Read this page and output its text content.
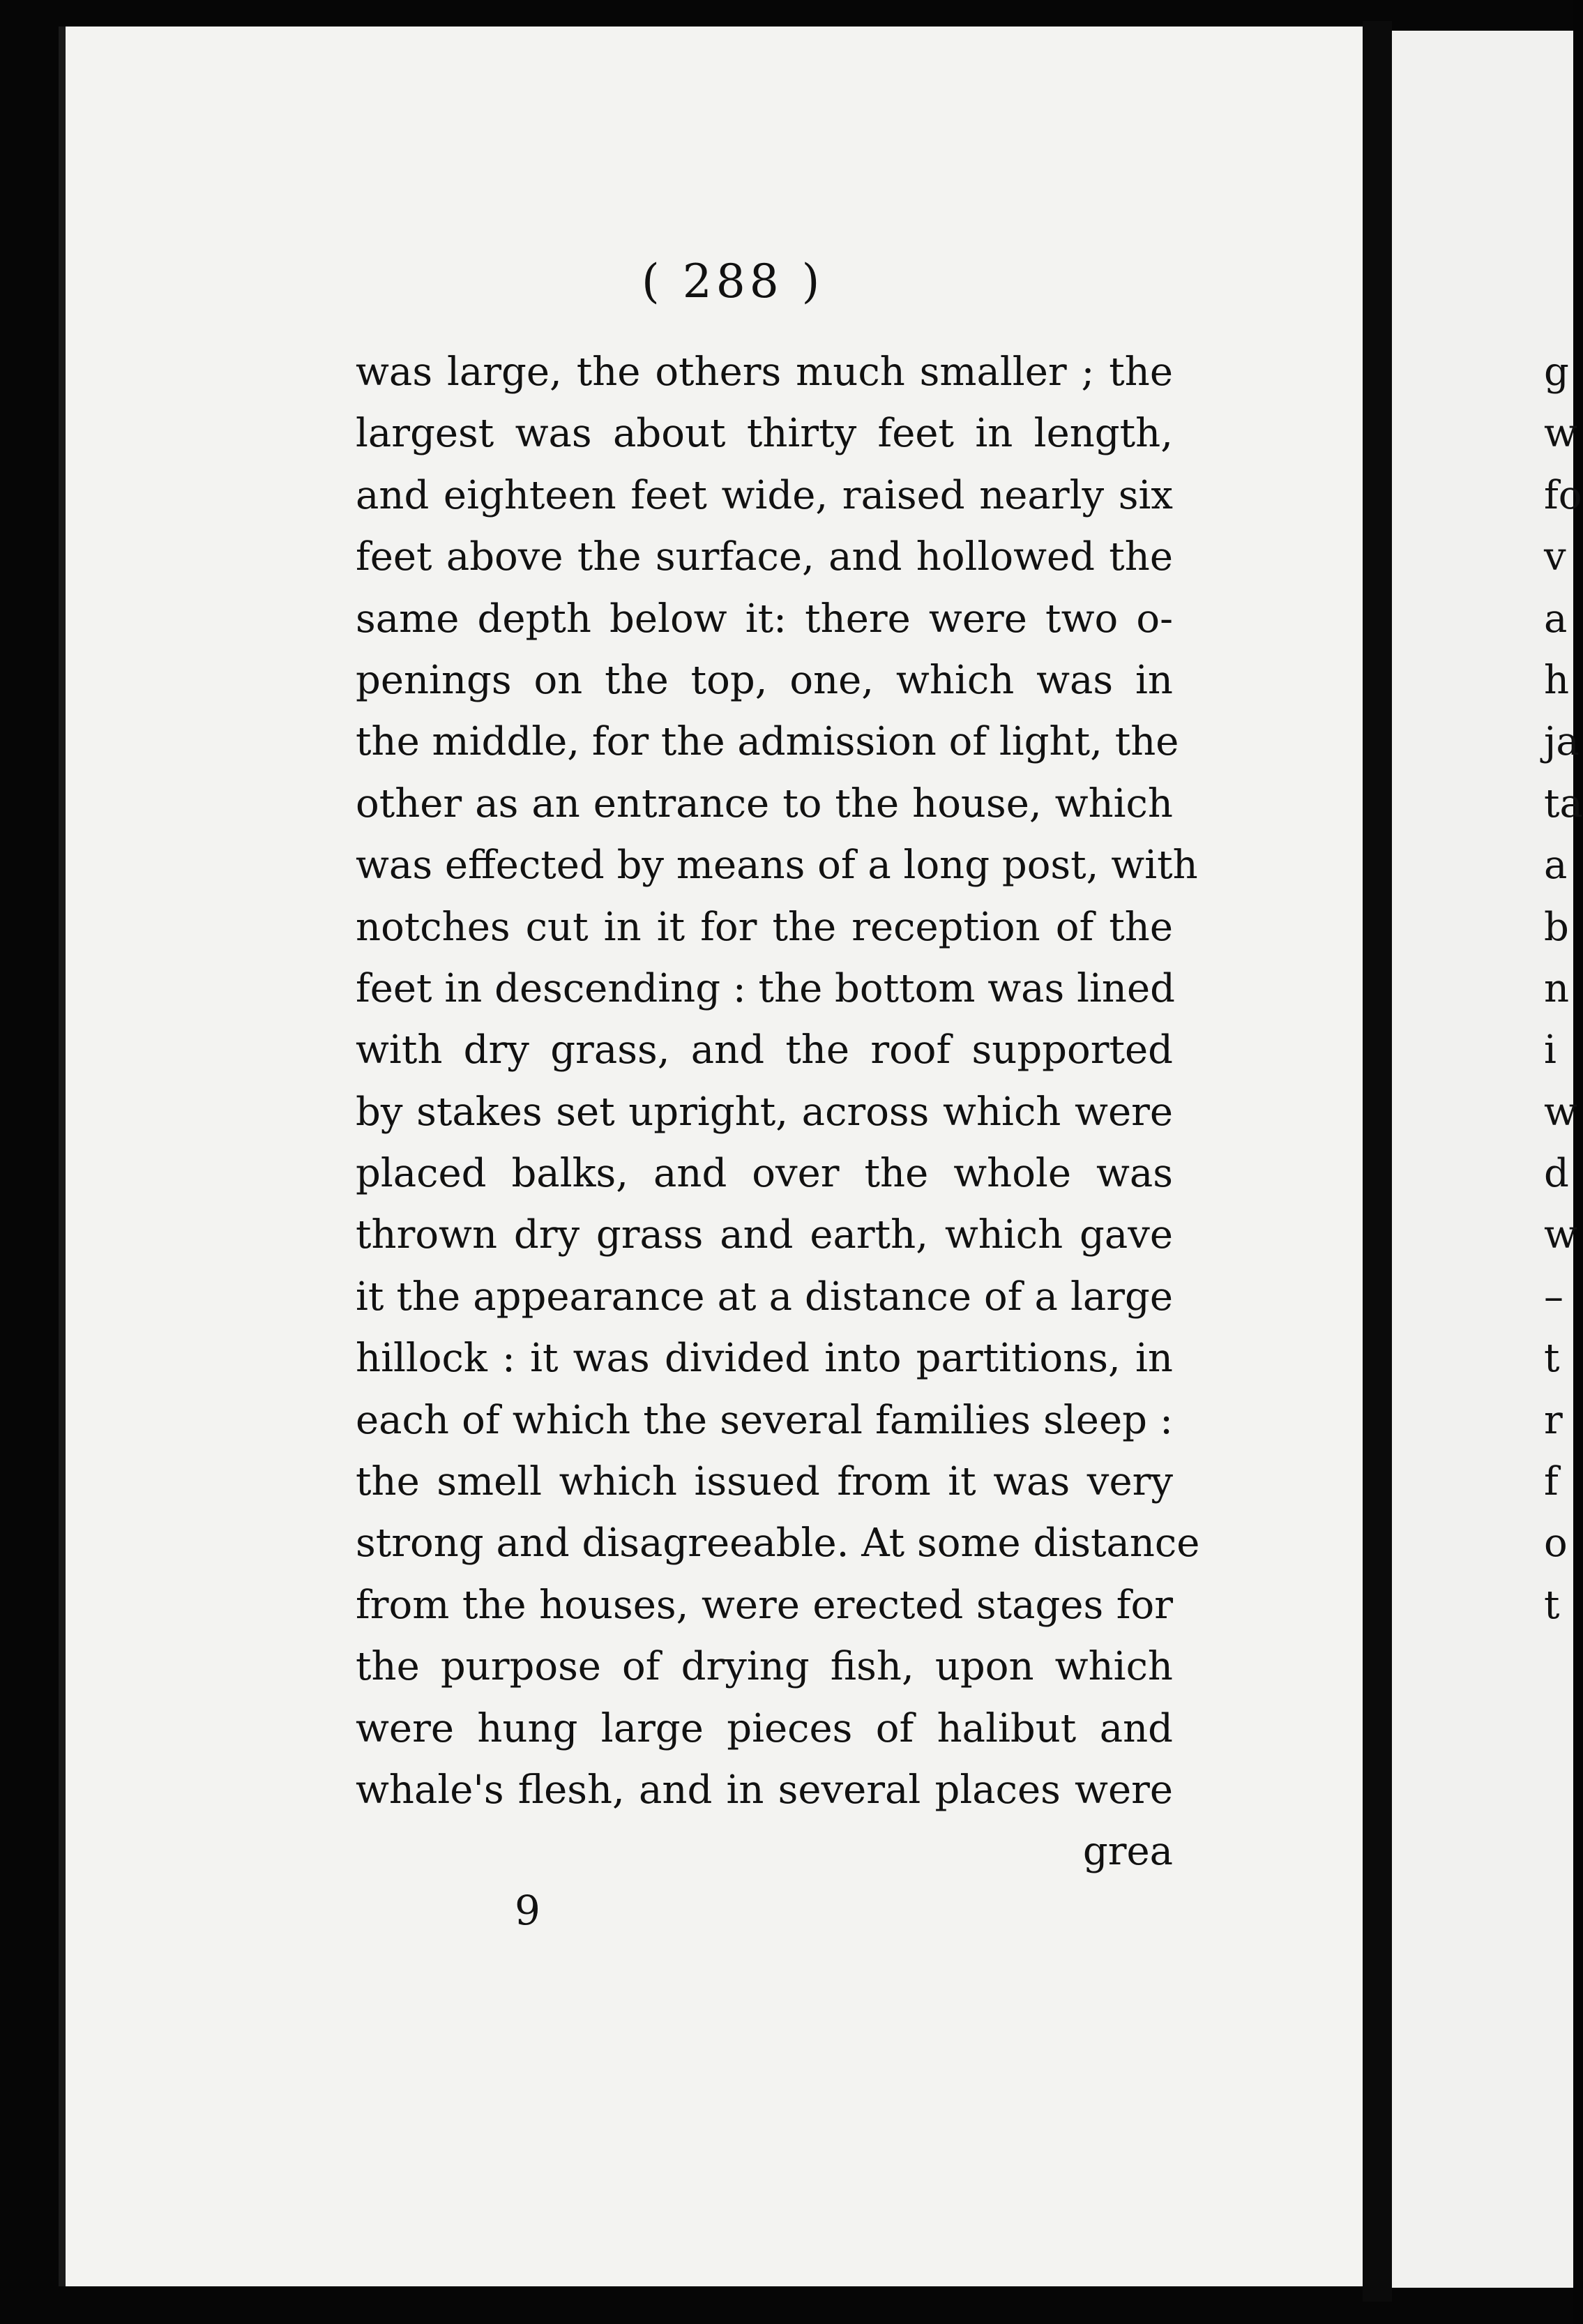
( 288 )
was large, the others much smaller ; the
largest was about thirty feet in length,
and eighteen feet wide, raised nearly six
feet above the surface, and hollowed the
same depth below it: there were two o-
penings on the top, one, which was in
the middle, for the admission of light, the
other as an entrance to the house, which
was effected by means of a long post, with
notches cut in it for the reception of the
feet in descending : the bottom was lined
with dry grass, and the roof supported
by stakes set upright, across which were
placed balks, and over the whole was
thrown dry grass and earth, which gave
it the appearance at a distance of a large
hillock : it was divided into partitions, in
each of which the several families sleep :
the smell which issued from it was very
strong and disagreeable. At some distance
from the houses, were erected stages for
the purpose of drying fish, upon which
were hung large pieces of halibut and
whale's flesh, and in several places were
grea
9
g
w
fo
v
a
h
ja
ta
a
b
n
i
w
d
w
–
t
r
f
o
t
